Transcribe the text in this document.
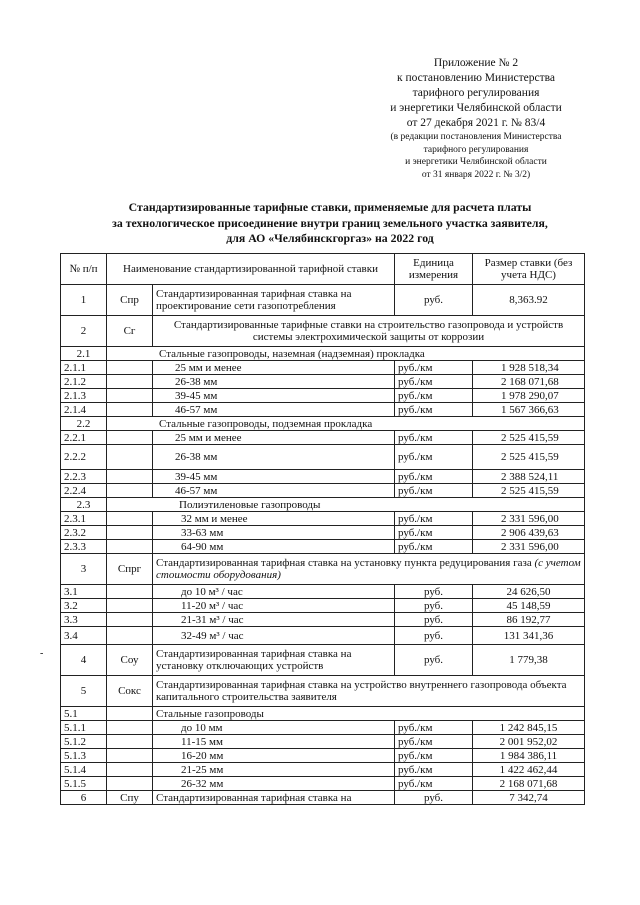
Приложение № 2
к постановлению Министерства
тарифного регулирования
и энергетики Челябинской области
от 27 декабря 2021 г. № 83/4
(в редакции постановления Министерства
тарифного регулирования
и энергетики Челябинской области
от 31 января 2022 г. № 3/2)
Стандартизированные тарифные ставки, применяемые для расчета платы
за технологическое присоединение внутри границ земельного участка заявителя,
для АО «Челябинскгоргаз» на 2022 год
№ п/п	Наименование стандартизированной тарифной ставки		Единица измерения	Размер ставки (без учета НДС)
1	Спр	Стандартизированная тарифная ставка на проектирование сети газопотребления	руб.	8,363.92
2	Сг	Стандартизированные тарифные ставки на строительство газопровода и устройств системы электрохимической защиты от коррозии		
2.1	Стальные газопроводы, наземная (надземная) прокладка			
2.1.1		25 мм и менее	руб./км	1 928 518,34
2.1.2		26-38 мм	руб./км	2 168 071,68
2.1.3		39-45 мм	руб./км	1 978 290,07
2.1.4		46-57 мм	руб./км	1 567 366,63
2.2	Стальные газопроводы, подземная прокладка			
2.2.1		25 мм и менее	руб./км	2 525 415,59
2.2.2		26-38 мм	руб./км	2 525 415,59
2.2.3		39-45 мм	руб./км	2 388 524,11
2.2.4		46-57 мм	руб./км	2 525 415,59
2.3	Полиэтиленовые газопроводы			
2.3.1		32 мм и менее	руб./км	2 331 596,00
2.3.2		33-63 мм	руб./км	2 906 439,63
2.3.3		64-90 мм	руб./км	2 331 596,00
3	Спрг	Стандартизированная тарифная ставка на установку пункта редуцирования газа (с учетом стоимости оборудования)		
3.1		до 10 м³ / час	руб.	24 626,50
3.2		11-20 м³ / час	руб.	45 148,59
3.3		21-31 м³ / час	руб.	86 192,77
3.4		32-49 м³ / час	руб.	131 341,36
4	Соу	Стандартизированная тарифная ставка на установку отключающих устройств	руб.	1 779,38
5	Сокс	Стандартизированная тарифная ставка на устройство внутреннего газопровода объекта капитального строительства заявителя		
5.1		Стальные газопроводы		
5.1.1		до 10 мм	руб./км	1 242 845,15
5.1.2		11-15 мм	руб./км	2 001 952,02
5.1.3		16-20 мм	руб./км	1 984 386,11
5.1.4		21-25 мм	руб./км	1 422 462,44
5.1.5		26-32 мм	руб./км	2 168 071,68
6	Спу	Стандартизированная тарифная ставка на	руб.	7 342,74
-
